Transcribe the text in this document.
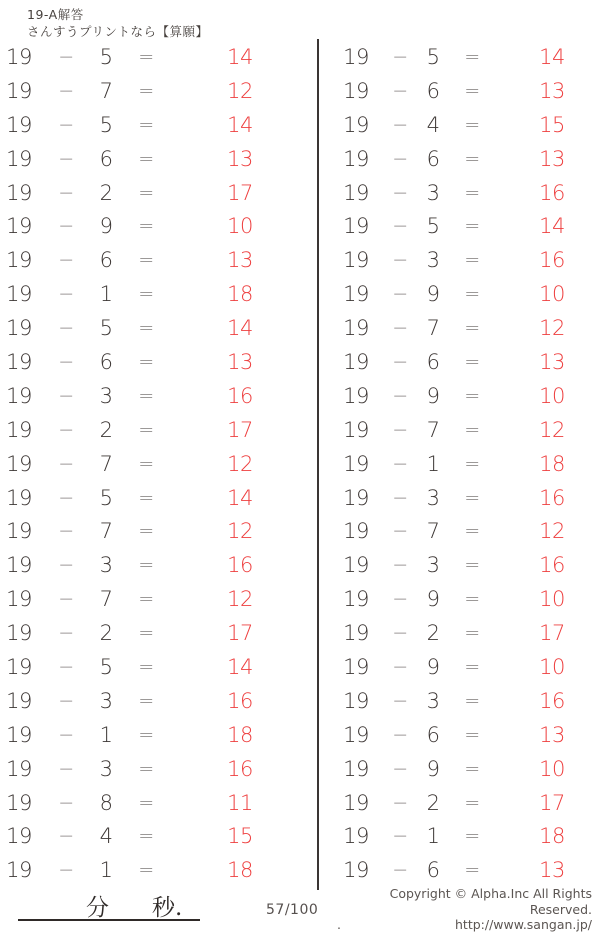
19-A解答
さんすうプリントなら【算願】
19	−	5	=	14
19	−	7	=	12
19	−	5	=	14
19	−	6	=	13
19	−	2	=	17
19	−	9	=	10
19	−	6	=	13
19	−	1	=	18
19	−	5	=	14
19	−	6	=	13
19	−	3	=	16
19	−	2	=	17
19	−	7	=	12
19	−	5	=	14
19	−	7	=	12
19	−	3	=	16
19	−	7	=	12
19	−	2	=	17
19	−	5	=	14
19	−	3	=	16
19	−	1	=	18
19	−	3	=	16
19	−	8	=	11
19	−	4	=	15
19	−	1	=	18
19	− 5	=	14
19	− 6	=	13
19	− 4	=	15
19	− 6	=	13
19	− 3	=	16
19	− 5	=	14
19	− 3	=	16
19	− 9	=	10
19	− 7	=	12
19	− 6	=	13
19	− 9	=	10
19	− 7	=	12
19	− 1	=	18
19	− 3	=	16
19	− 7	=	12
19	− 3	=	16
19	− 9	=	10
19	− 2	=	17
19	− 9	=	10
19	− 3	=	16
19	− 6	=	13
19	− 9	=	10
19	− 2	=	17
19	− 1	=	18
19	− 6	=	13
分 秒.	57/100
Copyright © Alpha.Inc All Rights Reserved.
.	http://www.sangan.jp/
